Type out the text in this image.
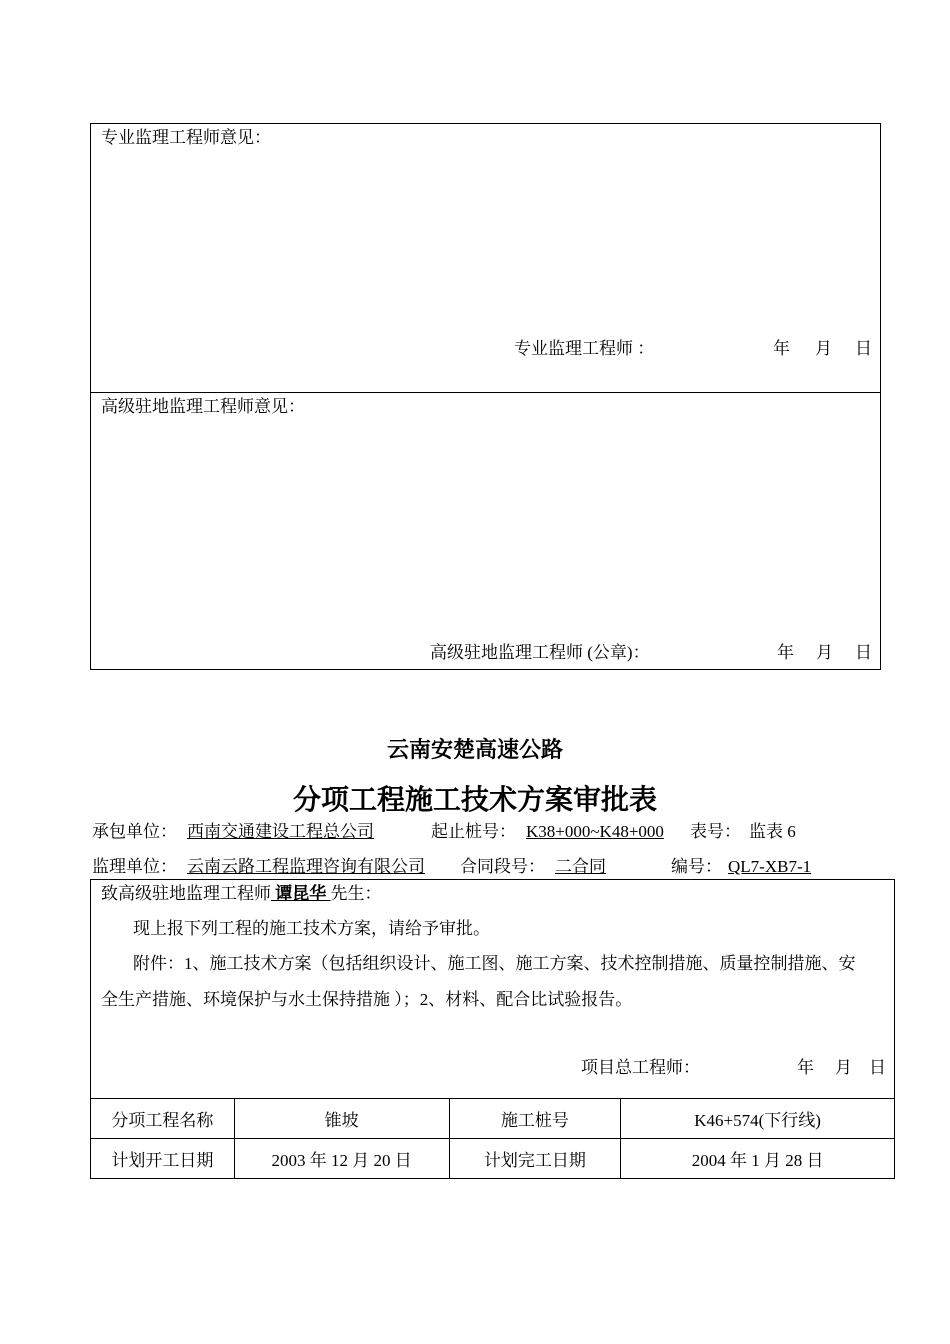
专业监理工程师意见：
专业监理工程师 ：	年 月 日
高级驻地监理工程师意见：
高级驻地监理工程师 (公章)：	年 月 日
云南安楚高速公路
分项工程施工技术方案审批表
承包单位： 西南交通建设工程总公司	起止桩号： K38+000~K48+000 表号： 监表 6
监理单位： 云南云路工程监理咨询有限公司 合同段号： 二合同	编号： QL7-XB7-1
致高级驻地监理工程师 谭昆华 先生：
现上报下列工程的施工技术方案，请给予审批。
附件：1、施工技术方案（包括组织设计、施工图、施工方案、技术控制措施、质量控制措施、安
全生产措施、环境保护与水土保持措施 ）；2、材料、配合比试验报告。
项目总工程师：	年 月 日
分项工程名称	锥坡	施工桩号	K46+574(下行线)
计划开工日期	2003 年 12 月 20 日	计划完工日期	2004 年 1 月 28 日
